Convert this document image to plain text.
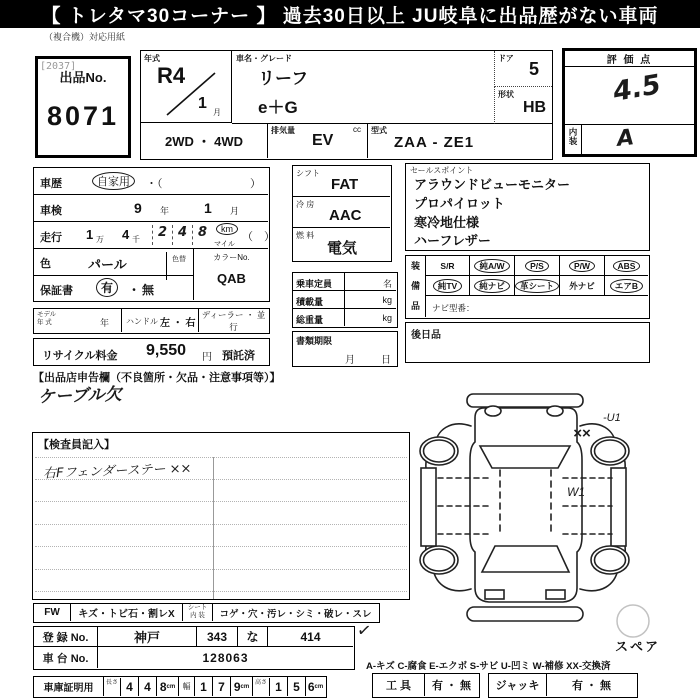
【 トレタマ30コーナー 】 過去30日以上 JU岐阜に出品歴がない車両
（複合機）対応用紙
[2037]
出品No.
8071
年式
R4
1
月
車名・グレード
リーフ
e＋G
ドア
5
形状
HB
2WD ・ 4WD
排気量
EV
cc 型式
ZAA - ZE1
評 価 点
4.5
内装 A
車歴	自家用	・（	）
車検	9 年 1 月
走行 1 万 4 千	2 4 8	km
マイル
（　）
色	パール	色替	カラーNo.
QAB
保証書	有	・ 無
シフト
FAT
冷 房
AAC
燃 料
電気
乗車定員	名
積載量	kg
総重量	kg
書類期限
月	日
セールスポイント
アラウンドビューモニター
プロパイロット
寒冷地仕様
ハーフレザー
装
備
品
S/R	純A/W	P/S	P/W	ABS
純TV	純ナビ	革シート	外ナビ	エアB
ナビ型番：
後日品
モデル
年 式	年 ハンドル 左 ・ 右
ディーラー ・ 並行
リサイクル料金 9,550 円 預託済
【出品店申告欄（不良箇所・欠品・注意事項等）】
ケーブル欠
【検査員記入】
右Fフェンダーステー ××
FW	キズ・トビ石・割レX
シート
内 装	コゲ・穴・汚レ・シミ・破レ・スレ
登 録 No.	神戸	343	な	414
車 台 No.	128063
✓
車庫証明用	長さ 4 4 8 cm 幅 1 7 9 cm
高さ 1 5 6 cm	工 具	有 ・ 無	ジャッキ	有 ・ 無
A-キズ C-腐食 E-エクボ S-サビ U-凹ミ W-補修 XX-交換済
××
-U1
W1
スペア
